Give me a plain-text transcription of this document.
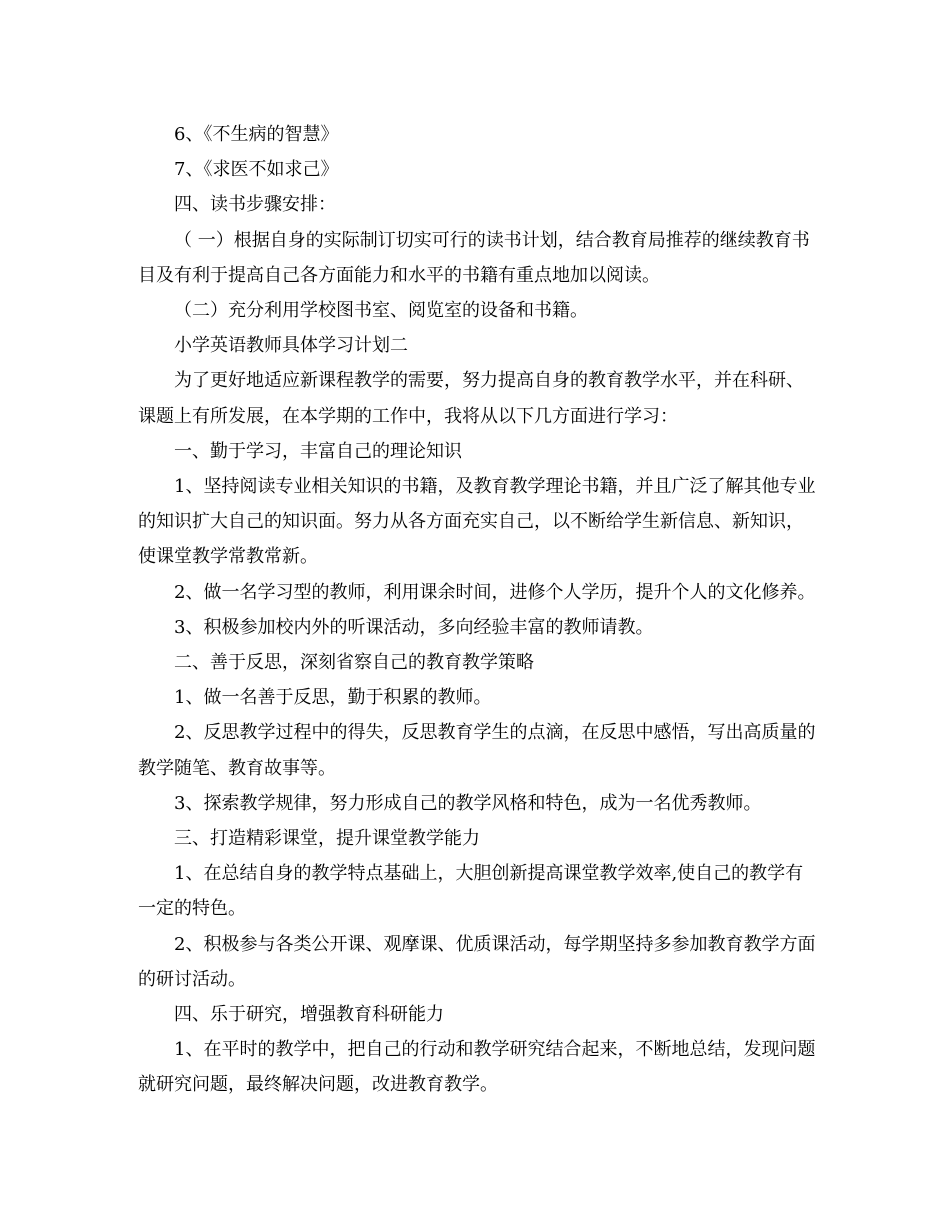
6、《不生病的智慧》

7、《求医不如求己》

四、读书步骤安排：

（ 一）根据自身的实际制订切实可行的读书计划，结合教育局推荐的继续教育书目及有利于提高自己各方面能力和水平的书籍有重点地加以阅读。

（二）充分利用学校图书室、阅览室的设备和书籍。

小学英语教师具体学习计划二

为了更好地适应新课程教学的需要，努力提高自身的教育教学水平，并在科研、课题上有所发展，在本学期的工作中，我将从以下几方面进行学习：

一、勤于学习，丰富自己的理论知识

1、坚持阅读专业相关知识的书籍，及教育教学理论书籍，并且广泛了解其他专业的知识扩大自己的知识面。努力从各方面充实自己，以不断给学生新信息、新知识，使课堂教学常教常新。

2、做一名学习型的教师，利用课余时间，进修个人学历，提升个人的文化修养。

3、积极参加校内外的听课活动，多向经验丰富的教师请教。

二、善于反思，深刻省察自己的教育教学策略

1、做一名善于反思，勤于积累的教师。

2、反思教学过程中的得失，反思教育学生的点滴，在反思中感悟，写出高质量的教学随笔、教育故事等。

3、探索教学规律，努力形成自己的教学风格和特色，成为一名优秀教师。

三、打造精彩课堂，提升课堂教学能力

1、在总结自身的教学特点基础上，大胆创新提高课堂教学效率,使自己的教学有一定的特色。

2、积极参与各类公开课、观摩课、优质课活动，每学期坚持多参加教育教学方面的研讨活动。

四、乐于研究，增强教育科研能力

1、在平时的教学中，把自己的行动和教学研究结合起来，不断地总结，发现问题就研究问题，最终解决问题，改进教育教学。
